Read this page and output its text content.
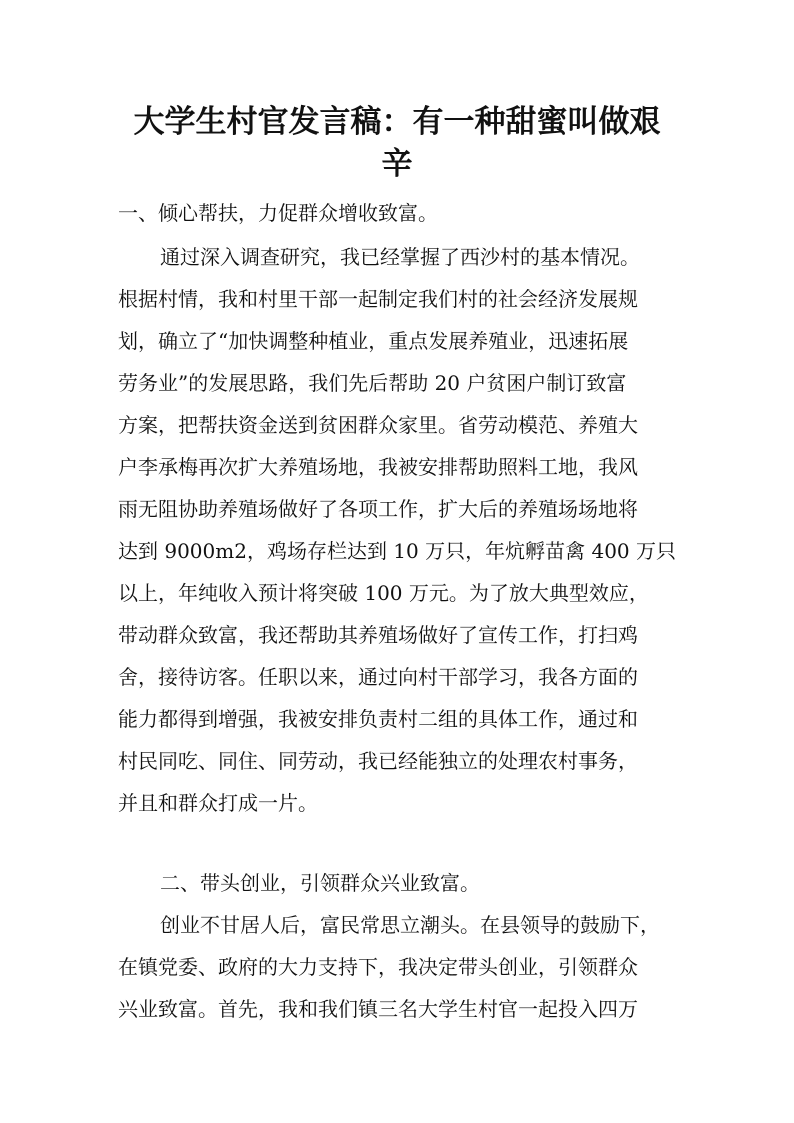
大学生村官发言稿：有一种甜蜜叫做艰
辛

一、倾心帮扶，力促群众增收致富。

通过深入调查研究，我已经掌握了西沙村的基本情况。

根据村情，我和村里干部一起制定我们村的社会经济发展规

划，确立了“加快调整种植业，重点发展养殖业，迅速拓展

劳务业”的发展思路，我们先后帮助 20 户贫困户制订致富

方案，把帮扶资金送到贫困群众家里。省劳动模范、养殖大

户李承梅再次扩大养殖场地，我被安排帮助照料工地，我风

雨无阻协助养殖场做好了各项工作，扩大后的养殖场场地将

达到 9000m2，鸡场存栏达到 10 万只，年炕孵苗禽 400 万只

以上，年纯收入预计将突破 100 万元。为了放大典型效应，

带动群众致富，我还帮助其养殖场做好了宣传工作，打扫鸡

舍，接待访客。任职以来，通过向村干部学习，我各方面的

能力都得到增强，我被安排负责村二组的具体工作，通过和

村民同吃、同住、同劳动，我已经能独立的处理农村事务，

并且和群众打成一片。

二、带头创业，引领群众兴业致富。

创业不甘居人后，富民常思立潮头。在县领导的鼓励下，

在镇党委、政府的大力支持下，我决定带头创业，引领群众

兴业致富。首先，我和我们镇三名大学生村官一起投入四万
